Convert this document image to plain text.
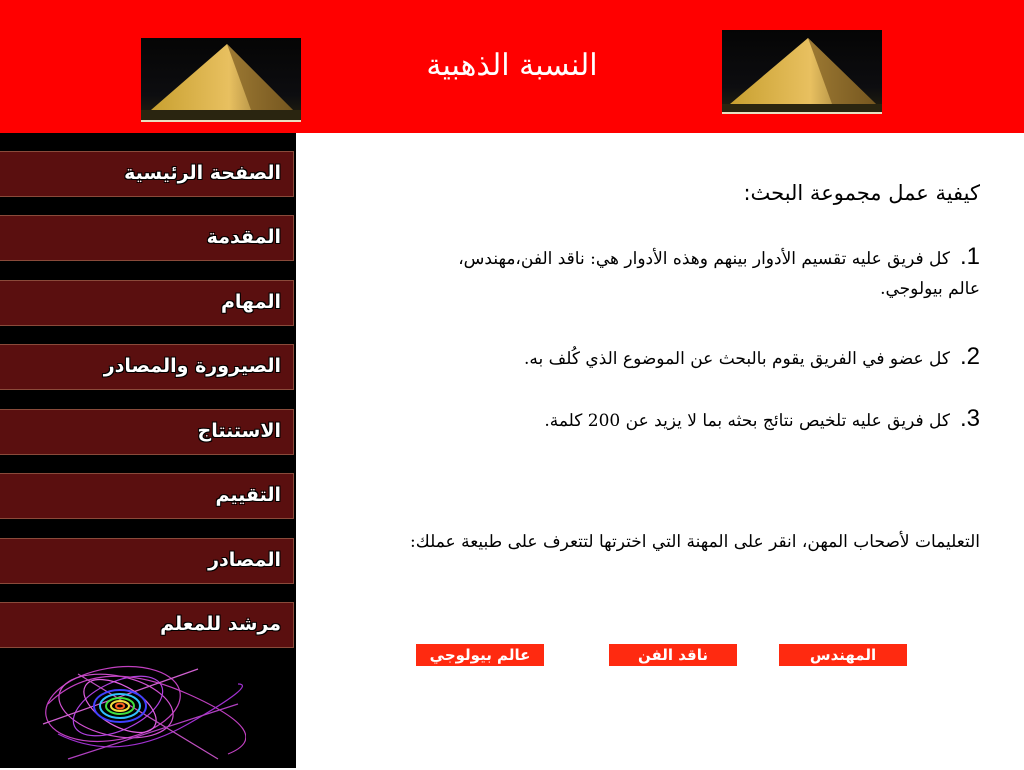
النسبة الذهبية
الصفحة الرئيسية
المقدمة
المهام
الصيرورة والمصادر
الاستنتاج
التقييم
المصادر
مرشد للمعلم
كيفية عمل مجموعة البحث:
1.كل فريق عليه تقسيم الأدوار بينهم وهذه الأدوار هي: ناقد الفن،مهندس، عالم بيولوجي.
2.كل عضو في الفريق يقوم بالبحث عن الموضوع الذي كُلف به.
3.كل فريق عليه تلخيص نتائج بحثه بما لا يزيد عن 200 كلمة.
التعليمات لأصحاب المهن، انقر على المهنة التي اخترتها لتتعرف على طبيعة عملك:
المهندس
ناقد الفن
عالم بيولوجي
